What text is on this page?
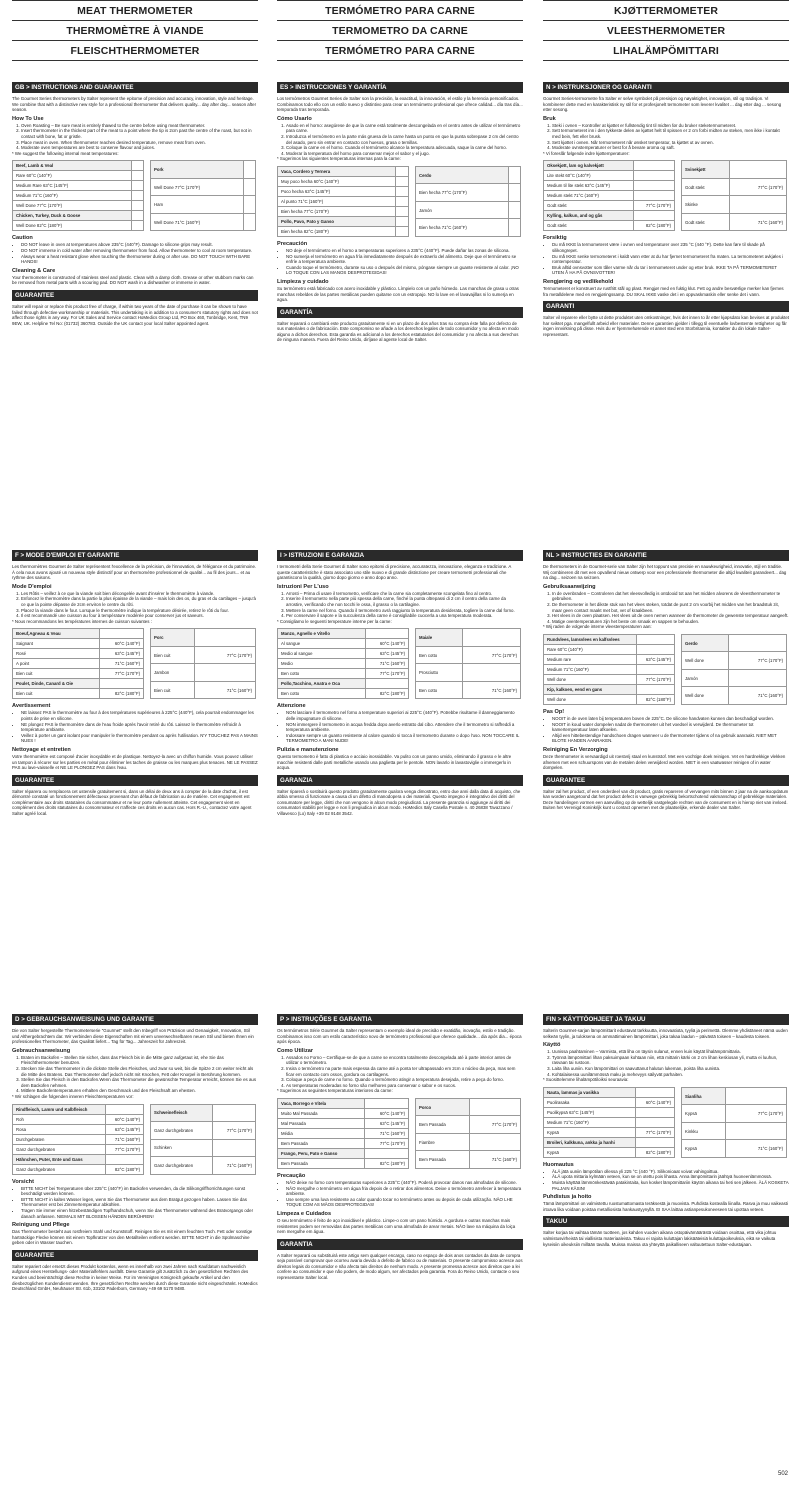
MEAT THERMOMETER
THERMOMÈTRE À VIANDE
FLEISCHTHERMOMETER
GB > INSTRUCTIONS AND GUARANTEE
The Gourmet Series thermometers by Salter represent the epitome of precision and accuracy, innovation, style and heritage. We combine that with a distinctive new style for a professional thermometer that delivers quality... day after day... season after season.
How To Use
1. Oven Roasting – Be sure meat is entirely thawed to the centre before using meat thermometer.
2. Insert thermometer in the thickest part of the meat to a point where the tip is 2cm past the centre of the roast, but not in contact with bone, fat or gristle.
3. Place meat in oven. When thermometer reaches desired temperature, remove meat from oven.
4. Moderate oven temperatures are best to conserve flavour and juices.
* We suggest the following internal meat temperatures:
Beef, Lamb & Veal	
Rare 60°C (140°F)	
Medium Rare 63°C (145°F)	
Medium 71°C (160°F)	
Well Done 77°C (170°F)	
Chicken, Turkey, Duck & Goose	
Well Done 82°C (180°F)	
Pork	
Well Done 77°C (170°F)	
Ham	
Well Done 71°C (160°F)	
Caution
• DO NOT leave in oven at temperatures above 235°C (440°F). Damage to silicone grips may result.
• DO NOT immerse in cold water after removing thermometer from food. Allow thermometer to cool at room temperature.
• Always wear a heat resistant glove when touching the thermometer during or after use. DO NOT TOUCH WITH BARE HANDS!
Cleaning & Care
Your thermometer is constructed of stainless steel and plastic. Clean with a damp cloth. Grease or other stubborn marks can be removed from metal parts with a scouring pad. DO NOT wash in a dishwasher or immerse in water.
GUARANTEE
Salter will repair or replace this product free of charge, if within two years of the date of purchase it can be shown to have failed through defective workmanship or materials. This undertaking is in addition to a consumer's statutory rights and does not affect those rights in any way. For UK Sales and Service contact HoMedics Group Ltd, PO Box 460, Tonbridge, Kent, TN9 9EW, UK. Helpline Tel No: (01732) 360783. Outside the UK contact your local Salter appointed agent.
F > MODE D'EMPLOI ET GARANTIE
Les thermomètres Gourmet de Salter représentent l'excellence de la précision, de l'innovation, de l'élégance et du patrimoine. À cela nous avons ajouté un nouveau style distinctif pour un thermomètre professionnel de qualité... au fil des jours... et au rythme des saisons.
Mode D'emploi
1. Les Rôtis – veillez à ce que la viande soit bien décongelée avant d'insérer le thermomètre à viande.
2. Enfoncez le thermomètre dans la partie la plus épaisse de la viande – mais loin des os, du gras et du cartilages – jusqu'à ce que la pointe dépasse de 2cm environ le centre du rôti.
3. Placez la viande dans le four. Lorsque le thermomètre indique la température désirée, retirez le rôti du four.
4. Il est recommandé une cuisson au four à température modérée pour conserver jus et saveurs.
* Nous recommandons les températures internes de cuisson suivantes :
Boeuf,Agneau & Veau	
Saignant	60°C (140°F)
Rosé	63°C (145°F)
A point	71°C (160°F)
Bien cuit	77°C (170°F)
Poulet, Dinde, Canard & Oie	
Bien cuit	82°C (180°F)
Porc	
Bien cuit	77°C (170°F)
Jambon	
Bien cuit	71°C (160°F)
Avertissement
• NE laissez PAS le thermomètre au four à des températures supérieures à 225°C (440°F), cela pourrait endommager les points de prise en silicone.
• NE plongez PAS le thermomètre dans de l'eau froide après l'avoir retiré du rôti. Laissez le thermomètre refroidir à température ambiante.
• Veillez à porter un gant isolant pour manipuler le thermomètre pendant ou après l'utilisation. N'Y TOUCHEZ PAS A MAINS NUES !
Nettoyage et entretien
Votre thermomètre est composé d'acier inoxydable et de plastique. Nettoyez-la avec un chiffon humide. Vous pouvez utiliser un tampon à récurer sur les parties en métal pour éliminer les taches de graisse ou les marques plus tenaces. NE LE PASSEZ PAS au lave-vaisselle et NE LE PLONGEZ PAS dans l'eau.
GUARANTEE
Salter réparera ou remplacera cet ustensile gratuitement si, dans un délai de deux ans à compter de la date d'achat, il est démontré constaté un fonctionnement défectueux provenant d'un défaut de fabrication ou de matière. Cet engagement est complémentaire aux droits statutaires du consommateur et ne leur porte nullement atteinte. Cet engagement vient en complément des droits statutaires du consommateur et n'affecte ces droits en aucun cas. Hors R.-U., contactez votre agent Salter agréé local.
D > GEBRAUCHSANWEISUNG UND GARANTIE
Die von Salter hergestellte Thermometerserie "Gourmet" stellt den Inbegriff von Präzision und Genauigkeit, Innovation, Stil und Althergebrachtem dar. Wir verbinden diese Eigenschaften mit einem unverwechselbaren neuen Stil und bieten Ihnen ein professionelles Thermometer, das Qualität liefert... Tag für Tag... Jahreszeit für Jahreszeit.
Gebrauchsanweisung
1. Braten im Backofen – Stellen Sie sicher, dass das Fleisch bis in die Mitte ganz aufgetaut ist, ehe Sie das Fleischthermometer benutzen.
2. Stecken Sie das Thermometer in die dickste Stelle des Fleisches, und zwar so weit, bis die Spitze 2 cm weiter reicht als die Mitte des Bratens. Das Thermometer darf jedoch nicht mit Knochen, Fett oder Knorpel in Berührung kommen.
3. Stellen Sie das Fleisch in den Backofen.Wenn das Thermometer die gewünschte Temperatur erreicht, können Sie es aus dem Backofen nehmen.
4. Mittlere Backofentemperaturen erhalten den Geschmack und den Fleischsaft am ehesten.
* Wir schlagen die folgenden inneren Fleischtemperaturen vor:
Rindfleisch, Lamm und Kalbfleisch	
Roh	60°C (140°F)
Rosa	63°C (145°F)
Durchgebraten	71°C (160°F)
Ganz durchgebraten	77°C (170°F)
Hähnchen, Puter, Ente und Gans	
Ganz durchgebraten	82°C (180°F)
Schweinefleisch	
Ganz durchgebraten	77°C (170°F)
Schinken	
Ganz durchgebraten	71°C (160°F)
Vorsicht
• BITTE NICHT bei Temperaturen über 225°C (440°F) im Backofen verwenden, da die Silikongriffhorrichtungen sonst beschädigt werden können.
• BITTE NICHT in kaltes Wasser legen, wenn Sie das Thermometer aus dem Bratgut gezogen haben. Lassen Sie das Thermometer erst bei Zimmertemperatur abkühlen.
• Tragen Sie immer einen hitzebeständigen Topfhandschuh, wenn Sie das Thermometer während des Bratvorgangs oder danach anfassen. NIEMALS MIT BLOSSEN HÄNDEN BERÜHREN!
Reinigung und Pflege
Das Thermometer besteht aus rostfreiem Stahl und Kunststoff. Reinigen Sie es mit einem feuchten Tuch. Fett oder sonstige hartnäckige Flecke können mit einem Topfkratzer von den Metallteilen entfernt werden. BITTE NICHT in die Spülmaschine geben oder in Wasser tauchen.
GUARANTEE
Salter repariert oder ersetzt dieses Produkt kostenlos, wenn es innerhalb von zwei Jahren nach Kaufdatum nachweislich aufgrund eines Herstellungs- oder Materialfehlers ausfällt. Diese Garantie gilt zusätzlich zu den gesetzlichen Rechten des Kunden und beeinträchtigt diese Rechte in keiner Weise. Für im Vereinigten Königreich gekaufte Artikel und den diesbezüglichen Kundendienst wenden. Ihre gesetzlichen Rechte werden durch diese Garantie nicht eingeschränkt. HoMedics Deutschland GmbH, Neuhäuser Str. 61b, 33102 Paderborn, Germany +49 69 5170 9480.
TERMÓMETRO PARA CARNE
TERMOMETRO DA CARNE
TERMÓMETRO PARA CARNE
ES > INSTRUCCIONES Y GARANTÍA
Los termómetros Gourmet Series de Salter son la precisión, la exactitud, la innovación, el estilo y la herencia personificados. Combinamos todo ello con un estilo nuevo y distintivo para crear un termómetro profesional que ofrece calidad... día tras día... temporada tras temporada.
Cómo Usarlo
1. Asado en el horno: asegúrese de que la carne está totalmente descongelada en el centro antes de utilizar el termómetro para carne.
2. Introduzca el termómetro en la parte más gruesa de la carne hasta un punto en que la punta sobrepase 2 cm del centro del asado, pero sin entrar en contacto con huesos, grasa o ternillas.
3. Coloque la carne en el horno. Cuando el termómetro alcance la temperatura adecuada, saque la carne del horno.
4. Moderar la temperatura del horno para conservar mejor el sabor y el jugo.
* Sugerimos las siguientes temperaturas internas para la carne:
Vaca, Cordero y Ternera	
Muy poco hecha 60°C (140°F)	
Poco hecha 63°C (145°F)	
Al punto 71°C (160°F)	
Bien hecha 77°C (170°F)	
Pollo, Pavo, Pato y Ganso	
Bien hecha 82°C (180°F)	
Cerdo	
Bien hecha 77°C (170°F)	
Jamón	
Bien hecha 71°C (160°F)	
Precaución
• NO deje el termómetro en el horno a temperaturas superiores a 235°C (440°F). Puede dañar las zonas de silicona.
• NO sumerja el termómetro en agua fría inmediatamente después de extraerlo del alimento. Deje que el termómetro se enfríe a temperatura ambiente.
• Cuando toque el termómetro, durante su uso o después del mismo, póngase siempre un guante resistente al calor. ¡NO LO TOQUE CON LAS MANOS DESPROTEGIDAS!
Limpieza y cuidado
Su termómetro está fabricado con acero inoxidable y plástico. Límpielo con un paño húmedo. Las manchas de grasa u otras manchas rebeldes de las partes metálicas pueden quitarse con un estropajo. NO lo lave en el lavavajillas ni lo sumerja en agua.
GARANTÍA
Salter reparará o cambiará este producto gratuitamente si en un plazo de dos años tras su compra éste falla por defecto de sus materiales o de fabricación. Este compromiso se añade a los derechos legales de todo consumidor y no afecta en modo alguno a dichos derechos. Esta garantía es adicional a los derechos estatutarios del consumidor y no afecta a sus derechos de ninguna manera. Fuera del Reino Unido, diríjase al agente local de Salter.
I > ISTRUZIONI E GARANZIA
I termometri della Serie Gourmet di Salter sono epitomi di precisione, accuratezza, innovazione, eleganza e tradizione. A queste caratteristiche è stato associato uno stile nuovo e di grande distinzione per creare termometri professionali che garantiscono la qualità, giorno dopo giorno e anno dopo anno.
Istruzioni Per L'uso
1. Arrosti – Prima di usare il termometro, verificare che la carne sia completamente scongelata fino al centro.
2. Inserire il termometro nella parte più spessa della carne, finché la punta oltrepassi di 2 cm il centro della carne da arrostire, verificando che non tocchi le ossa, il grasso o la cartilagine.
3. Mettere la carne nel forno. Quando il termometro avrà raggiunto la temperatura desiderata, togliere la carne dal forno.
4. Per conservare il sapore e la succulenza della carne è consigliabile cuocerla a una temperatura moderata.
* Consigliamo le seguenti temperature interne per la carne:
Manzo, Agnello e Vitello	
Al sangue	60°C (140°F)
Medio al sangue	63°C (145°F)
Medio	71°C (160°F)
Ben cotto	77°C (170°F)
Pollo,Tacchino, Anatra e Oca	
Ben cotto	82°C (180°F)
Maiale	
Ben cotto	77°C (170°F)
Prosciutto	
Ben cotto	71°C (160°F)
Attenzione
• NON lasciare il termometro nel forno a temperature superiori ai 225°C (440°F). Potrebbe risultarne il danneggiamento delle impugnature di silicone.
• NON immergere il termometro in acqua fredda dopo averlo estratto dal cibo. Attendere che il termometro si raffreddi a temperatura ambiente.
• Indossare sempre un guanto resistente al calore quando si tocca il termometro durante o dopo l'uso. NON TOCCARE IL TERMOMETRO A MANI NUDE!
Pulizia e manutenzione
Questo termometro è fatto di plastica e acciaio inossidabile. Va pulito con un panno umido, eliminando il grasso e le altre macchie resistenti dalle parti metalliche usando una paglietta per le pentole. NON lavarlo in lavastoviglie o immergerlo in acqua.
GARANZIA
Salter riparerà o sostituirà questo prodotto gratuitamente qualora venga dimostrato, entro due anni dalla data di acquisto, che abbia smesso di funzionare a causa di un difetto di manodopera o dei materiali. Questo impegno è integrativo dei diritti del consumatore per legge, diritti che non vengono in alcun modo pregiudicati. La presente garanzia si aggiunge ai diritti dei consumatori stabiliti per legge e non li pregiudica in alcun modo. HoMedics Italy Casella Postale n. 40 26838 Tavazzano / Villavesco (Lo) Italy +39 02 9148 3542.
P > INSTRUÇÕES E GARANTIA
Os termómetros Série Gourmet da Salter representam o exemplo ideal de precisão e exatidão, inovação, estilo e tradição. Combinamos isso com um estilo característico novo de termómetro profissional que oferece qualidade... dia após dia... época após época.
Como Utilizar
1. Assados no Forno – Certifique-se de que a carne se encontra totalmente descongelada até à parte interior antes de utilizar o termómetro.
2. Insira o termómetro na parte mais espessa da carne até a ponta ter ultrapassado em 2cm o núcleo da peça, mas sem ficar em contacto com ossos, gordura ou cartilagens.
3. Coloque a peça de carne no forno. Quando o termómetro atingir a temperatura desejada, retire a peça do forno.
4. As temperaturas moderadas no forno são melhores para conservar o sabor e os sucos.
* Sugerimos as seguintes temperaturas interiores da carne:
Vaca, Borrego e Vitela	
Muito Mal Passada	60°C (140°F)
Mal Passada	63°C (145°F)
Média	71°C (160°F)
Bem Passada	77°C (170°F)
Frango, Peru, Pato e Ganso	
Bem Passada	82°C (180°F)
Porco	
Bem Passada	77°C (170°F)
Fiambre	
Bem Passada	71°C (160°F)
Precaução
• NÃO deixe no forno com temperaturas superiores a 225°C (440°F). Poderá provocar danos nas almofadas de silicone.
• NÃO mergulhe o termómetro em água fria depois de o retirar dos alimentos. Deixe o termómetro arrefecer à temperatura ambiente.
• Use sempre uma luva resistente ao calor quando tocar no termómetro antes ou depois de cada utilização. NÃO LHE TOQUE COM AS MÃOS DESPROTEGIDAS!
Limpeza e Cuidados
O seu termómetro é feito de aço inoxidável e plástico. Limpe-o com um pano húmido. A gordura e outras manchas mais resistentes podem ser removidas das partes metálicas com uma almofada de arear metais. NÃO lave na máquina da loiça nem mergulhe em água.
GARANTIA
A Salter reparará ou substituirá este artigo sem qualquer encargo, caso no espaço de dois anos contados da data de compra seja possível comprovar que ocorreu avaria devido a defeito de fabrico ou de materiais. O presente compromisso acresce aos direitos legais do consumidor e não afecta tais direitos de nenhum modo. A presente promessa acresce aos direitos que a lei confere ao consumidor e que não podem, de modo algum, ser afectados pela garantia. Fora do Reino Unido, contacte o seu representante Salter local.
KJØTTERMOMETER
VLEESTHERMOMETER
LIHALÄMPÖMITTARI
N > INSTRUKSJONER OG GARANTI
Gourmet Series-termometre fra Salter er selve symbolet på presisjon og nøyaktighet, innovasjon, stil og tradisjon. Vi kombinerer dette med en karakteristisk ny stil for et profesjonelt termometer som leverer kvalitet ... dag etter dag ... sesong etter sesong.
Bruk
1. Steki i ovnen – Kontroller at kjøttet er fullstendig tint til midten før du bruker steketermometeret.
2. Sett termometeret inn i den tykkeste delen av kjøttet helt til spissen er 2 cm forbi midten av steken, men ikke i kontakt med bein, fett eller brusk.
3. Sett kjøttet i ovnen. Når termometeret når ønsket temperatur, ta kjøttet ut av ovnen.
4. Moderate ovnstemperaturer er best for å bevare aroma og saft.
* Vi foreslår følgende indre kjøttemperaturer:
Oksekjøtt, lam og kalvekjøtt	
Lite stekt 60°C (140°F)	
Medium til lite stekt 63°C (145°F)	
Medium stekt 71°C (160°F)	
Godt stekt	77°C (170°F)
Kylling, kalkun, and og gås	
Godt stekt	82°C (180°F)
Svinekjøtt	
Godt stekt	77°C (170°F)
Skinke	
Godt stekt	71°C (160°F)
Forsiktig
• Du må IKKE la termometeret være i ovnen ved temperaturer over 235 °C (440 °F). Dette kan føre til skade på silikongrepet.
• Du må IKKE senke termometeret i kaldt vann etter at du har fjernet termometeret fra maten. La termometeret avkjøles i romtemperatur.
• Bruk alltid ovnsvotter som tåler varme når du tar i termometeret under og etter bruk. IKKE TA PÅ TERMOMETERET UTEN Å HA PÅ OVNSVOTTER!
Rengjøring og vedlikehold
Termometeret er konstruert av rustfritt stål og plast. Rengjør med en fuktig klut. Fett og andre besværlige merker kan fjernes fra metalldelene med en rengjøringssamp. DU SKAL IKKE vaske det i en oppvaskmaskin eller senke det i vann.
GARANTI
Salter vil reparere eller bytte ut dette produktet uten omkostninger, hvis det innen to år etter kjøpsdato kan bevises at produktet har sviktet pga. mangelfullt arbeid eller materialer. Denne garantien gjelder i tillegg til eventuelle lovbestemte rettigheter og får ingen innvirkning på disse. Hvis du er hjemmehørende et annet sted enn Storbritannia, kontakter du din lokale Salter-representant.
NL > INSTRUCTIES EN GARANTIE
De thermometers in de Gourmet-serie van Salter zijn het toppunt van precisie en nauwkeurigheid, innovatie, stijl en traditie. Wij combineren dit met een opvallend nieuw ontwerp voor een professionele thermometer die altijd kwaliteit garandeert... dag na dag... seizoen na seizoen.
Gebruiksaanwijzing
1. In de ovenbraden – Controleren dat het vleesvolledig is ontdooid tot aan het midden alvorens de vleesthermometer te gebruiken.
2. De thermometer in het dikste stuk van het vlees steken, totdat de punt 2 cm voorbij het midden van het braadstuk zit, maar geen contact maakt met bot, vet of kraakbeen.
3. Het vlees in de oven plaatsen. Het vlees uit de oven nemen wanneer de thermometer de gewenste temperatuur aangeeft.
4. Matige oventemperaturen zijn het beste om smaak en sappen te behouden.
* Wij raden de volgende interne vleestemperaturen aan:
Rundvlees, lamsvlees en kalfsvlees	
Rare 60°C (140°F)	
Medium rare	63°C (145°F)
Medium 71°C (160°F)	
Well done	77°C (170°F)
Kip, kalkoen, eend en gans	
Well done	82°C (180°F)
Gerdo	
Well done	77°C (170°F)
Jamón	
Well done	71°C (160°F)
Pas Op!
• NOOIT in de oven laten bij temperaturen boven de 225°C. De silicone handvaten kunnen dan beschadigd worden.
• NOOIT in koud water dompelen nadat de thermometer uit het voedsel is verwijderd. De thermometer tot kamertemperatuur laten afkoelen.
• Altijd een hittebestendige handschoen dragen wanneer u de thermometer tijdens of na gebruik aanraakt. NIET MET BLOTE HANDEN AANRAKEN.
Reiniging En Verzorging
Deze thermometer is vervaardigd uit roestvrij staal en kunststof. Met een vochtige doek reinigen. Vet en hardnekkige vlekken afnemen met een schuurspons van de metalen delen verwijderd worden. NIET in een vaatwasser reinigen of in water dompelen.
GUARANTEE
Salter zal het product, of een onderdeel van dit product, gratis repareren of vervangen mits binnen 2 jaar na de aankoopdatum kan worden aangetoond dat het product defect is vanwege gebrekkig bekortschotend vakmanschap of gebrekkige materialen. Deze handelingen vormen een aanvulling op de wettelijk vastgelegde rechten van de consument en is hierop niet van invloed. Buiten het Verenigd Koninkrijk kunt u contact opnemen met de plaatselijke, erkende dealer van Salter.
FIN > KÄYTTÖOHJEET JA TAKUU
Salterin Gourmet-sarjan lämpömittarit edustavat tarkkuutta, innovaatiota, tyyliä ja perimettä. Olemme yhdistäneet nämä uuden selkeän tyylin, ja tuloksena on ammattimainen lämpömittari, joka takaa laadun – päivästä toiseen – kaudesta toiseen.
Käyttö
1. Uunissa paahtaminen – Varmista, että liha on täysin sulanut, ennen kuin käytät lihalämpömittaria.
2. Työnnä lämpömittari lihan paksuimpaan kohtaan niin, että mittarin kärki on 2 cm lihan keskiosan yli, mutta ei luuhun, rasvaan tai rustoon.
3. Laita liha uuniin. Kun lämpömittari on saavuttanut halutun lukeman, poista liha uunista.
4. Kohtalaisessa uunilämmössä maku ja mehevyys säilyvät parhaiten.
* Suosittelemme lihalämpötiloiksi seuraavia:
Nauta, lammas ja vasikka	
Puolirasaka	60°C (140°F)
Puolikypsä 63°C (145°F)	
Medium 71°C (160°F)	
Kypsä	77°C (170°F)
Broileri, kalkkuna, ankka ja hanhi	
Kypsä	82°C (180°F)
Sianliha	
Kypsä	77°C (170°F)
Kinkku	
Kypsä	71°C (160°F)
Huomautus
• ÄLÄ jätä uuniin lämpötilan ollessa yli 225 °C (440 °F). Silikonioaat voivat vahingoittua.
• ÄLÄ upota mittaria kylmään veteen, kun se on otettu pois lihasta. Anna lämpömittarin jäähtyä huoneenlämmössä.
• Muista käyttää lämmönkestävää patakintaita, kun kosket lämpömittariin käytön aikana tai heti sen jälkeen. ÄLÄ KOSKETA PALJAIN KÄSIN!
Puhdistus ja hoito
Tämä lämpömittari on valmistettu ruostumattomasta teräksestä ja muovista. Puhdista kostealla liinalla. Rasva ja muu vaikeasti irtoava lika voidaan poistaa metalliosista hankaustyynyllä. EI SAA laittaa astianpesukoneeseen tai upottaa veteen.
TAKUU
Salter korjaa tai vaihtaa tämän tuotteen, jos kahden vuoden aikana ostopäivämäärästä voidaan osoittaa, että vika johtuu valmistusvirheistä tai viallisista materiaaleista. Takuu ei rajoita kuluttajan lakisääteisiä kuluttajaoikeuksia, eikä se vaikuta kyseisiin oikeuksiin millään tavalla. Muissa maissa ota yhteyttä paikalliseen valtuutettuun Salter-edustajaan.
502
